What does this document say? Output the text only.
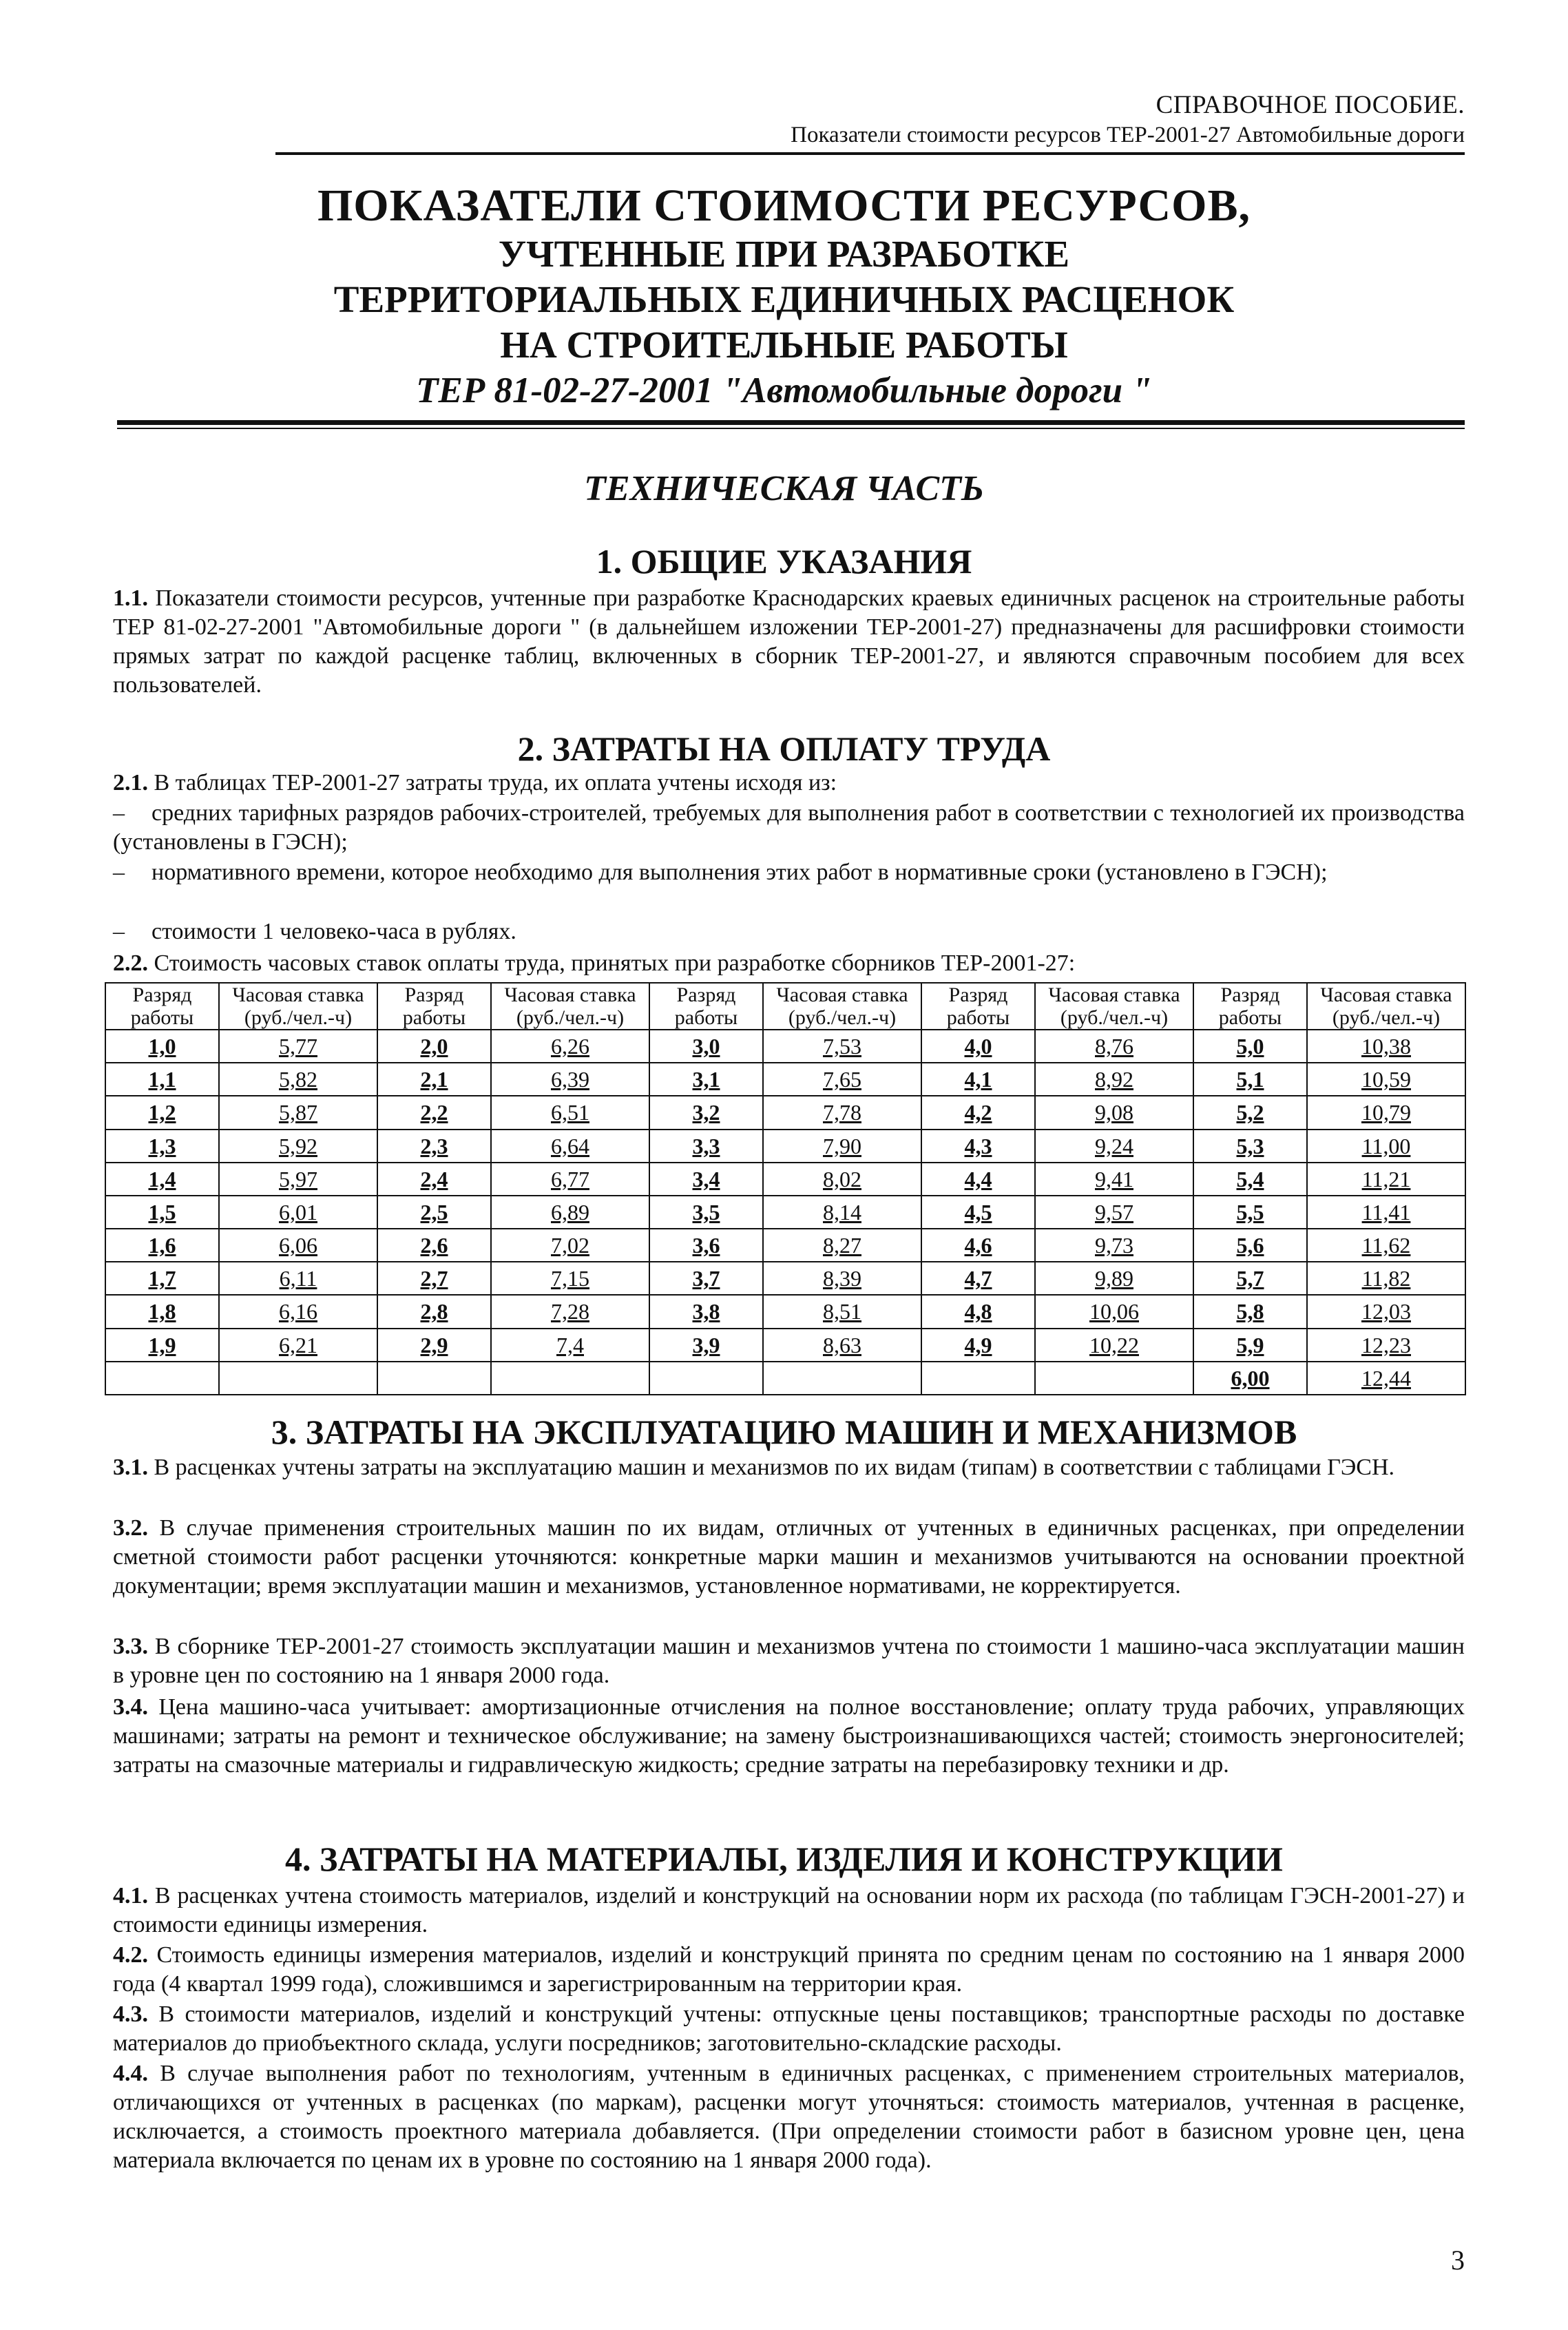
СПРАВОЧНОЕ ПОСОБИЕ.
Показатели стоимости ресурсов ТЕР-2001-27 Автомобильные дороги
ПОКАЗАТЕЛИ СТОИМОСТИ РЕСУРСОВ,
УЧТЕННЫЕ ПРИ РАЗРАБОТКЕ
ТЕРРИТОРИАЛЬНЫХ ЕДИНИЧНЫХ РАСЦЕНОК
НА СТРОИТЕЛЬНЫЕ РАБОТЫ
ТЕР 81-02-27-2001 "Автомобильные дороги "
ТЕХНИЧЕСКАЯ ЧАСТЬ
1. ОБЩИЕ УКАЗАНИЯ
1.1. Показатели стоимости ресурсов, учтенные при разработке Краснодарских краевых единичных расценок на строительные работы ТЕР 81-02-27-2001 "Автомобильные дороги " (в дальнейшем изложении ТЕР-2001-27) предназначены для расшифровки стоимости прямых затрат по каждой расценке таблиц, включенных в сборник ТЕР-2001-27, и являются справочным пособием для всех пользователей.
2. ЗАТРАТЫ НА ОПЛАТУ ТРУДА
2.1. В таблицах ТЕР-2001-27 затраты труда, их оплата учтены исходя из:
– средних тарифных разрядов рабочих-строителей, требуемых для выполнения работ в соответствии с технологией их производства (установлены в ГЭСН);
– нормативного времени, которое необходимо для выполнения этих работ в нормативные сроки (установлено в ГЭСН);
– стоимости 1 человеко-часа в рублях.
2.2. Стоимость часовых ставок оплаты труда, принятых при разработке сборников ТЕР-2001-27:
Разряд работы	Часовая ставка (руб./чел.-ч)	Разряд работы	Часовая ставка (руб./чел.-ч)	Разряд работы	Часовая ставка (руб./чел.-ч)	Разряд работы	Часовая ставка (руб./чел.-ч)	Разряд работы	Часовая ставка (руб./чел.-ч)
1,0	5,77	2,0	6,26	3,0	7,53	4,0	8,76	5,0	10,38
1,1	5,82	2,1	6,39	3,1	7,65	4,1	8,92	5,1	10,59
1,2	5,87	2,2	6,51	3,2	7,78	4,2	9,08	5,2	10,79
1,3	5,92	2,3	6,64	3,3	7,90	4,3	9,24	5,3	11,00
1,4	5,97	2,4	6,77	3,4	8,02	4,4	9,41	5,4	11,21
1,5	6,01	2,5	6,89	3,5	8,14	4,5	9,57	5,5	11,41
1,6	6,06	2,6	7,02	3,6	8,27	4,6	9,73	5,6	11,62
1,7	6,11	2,7	7,15	3,7	8,39	4,7	9,89	5,7	11,82
1,8	6,16	2,8	7,28	3,8	8,51	4,8	10,06	5,8	12,03
1,9	6,21	2,9	7,4	3,9	8,63	4,9	10,22	5,9	12,23
								6,00	12,44
3. ЗАТРАТЫ НА ЭКСПЛУАТАЦИЮ МАШИН И МЕХАНИЗМОВ
3.1. В расценках учтены затраты на эксплуатацию машин и механизмов по их видам (типам) в соответствии с таблицами ГЭСН.
3.2. В случае применения строительных машин по их видам, отличных от учтенных в единичных расценках, при определении сметной стоимости работ расценки уточняются: конкретные марки машин и механизмов учитываются на основании проектной документации; время эксплуатации машин и механизмов, установленное нормативами, не корректируется.
3.3. В сборнике ТЕР-2001-27 стоимость эксплуатации машин и механизмов учтена по стоимости 1 машино-часа эксплуатации машин в уровне цен по состоянию на 1 января 2000 года.
3.4. Цена машино-часа учитывает: амортизационные отчисления на полное восстановление; оплату труда рабочих, управляющих машинами; затраты на ремонт и техническое обслуживание; на замену быстроизнашивающихся частей; стоимость энергоносителей; затраты на смазочные материалы и гидравлическую жидкость; средние затраты на перебазировку техники и др.
4. ЗАТРАТЫ НА МАТЕРИАЛЫ, ИЗДЕЛИЯ И КОНСТРУКЦИИ
4.1. В расценках учтена стоимость материалов, изделий и конструкций на основании норм их расхода (по таблицам ГЭСН-2001-27) и стоимости единицы измерения.
4.2. Стоимость единицы измерения материалов, изделий и конструкций принята по средним ценам по состоянию на 1 января 2000 года (4 квартал 1999 года), сложившимся и зарегистрированным на территории края.
4.3. В стоимости материалов, изделий и конструкций учтены: отпускные цены поставщиков; транспортные расходы по доставке материалов до приобъектного склада, услуги посредников; заготовительно-складские расходы.
4.4. В случае выполнения работ по технологиям, учтенным в единичных расценках, с применением строительных материалов, отличающихся от учтенных в расценках (по маркам), расценки могут уточняться: стоимость материалов, учтенная в расценке, исключается, а стоимость проектного материала добавляется. (При определении стоимости работ в базисном уровне цен, цена материала включается по ценам их в уровне по состоянию на 1 января 2000 года).
3
